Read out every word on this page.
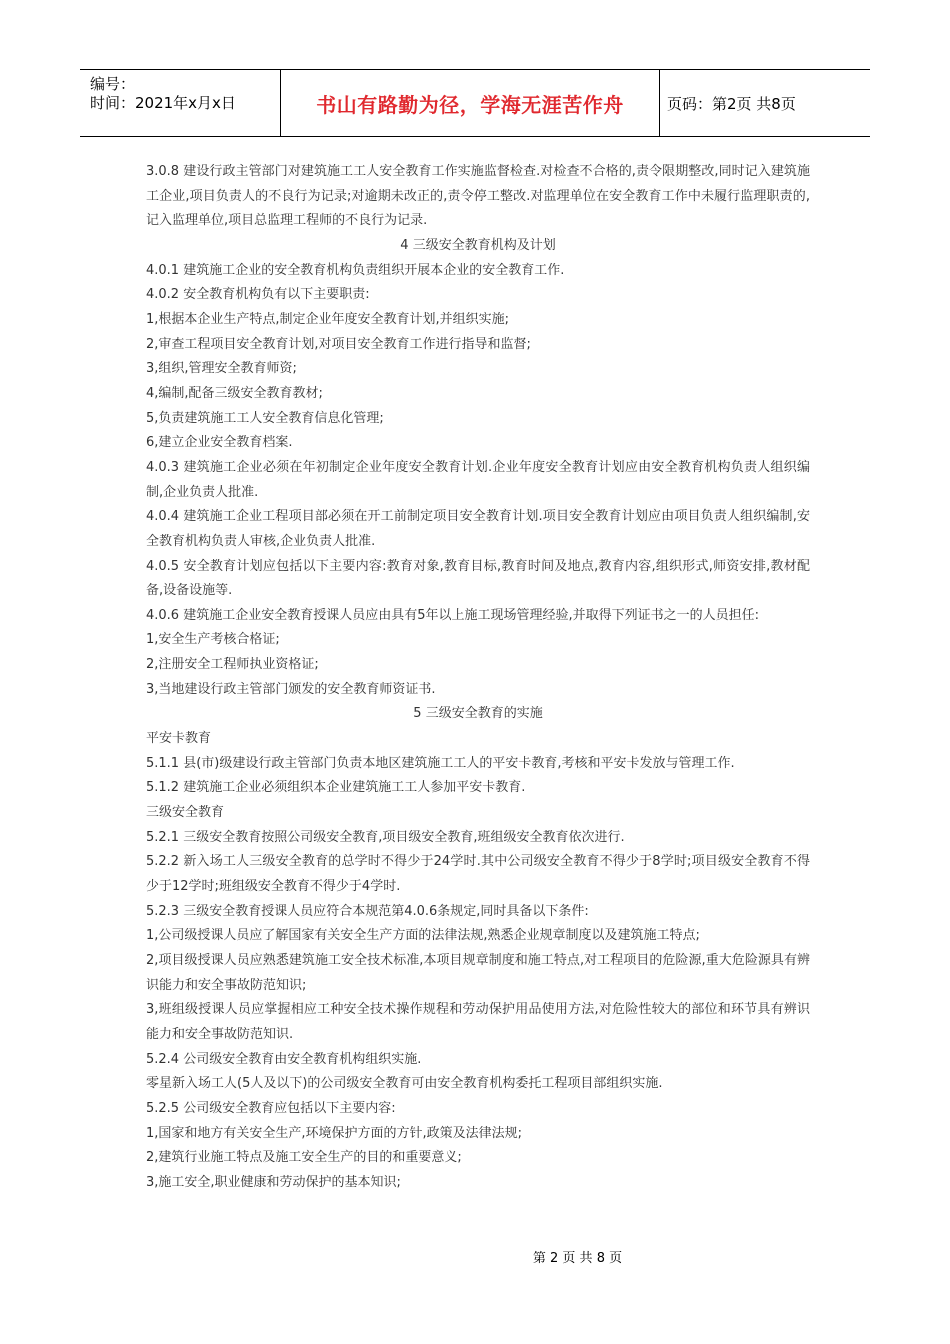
编号：
时间：2021年x月x日	书山有路勤为径，学海无涯苦作舟	页码：第2页 共8页

3.0.8 建设行政主管部门对建筑施工工人安全教育工作实施监督检查.对检查不合格的,责令限期整改,同时记入建筑施工企业,项目负责人的不良行为记录;对逾期未改正的,责令停工整改.对监理单位在安全教育工作中未履行监理职责的,记入监理单位,项目总监理工程师的不良行为记录.

4 三级安全教育机构及计划

4.0.1 建筑施工企业的安全教育机构负责组织开展本企业的安全教育工作.

4.0.2 安全教育机构负有以下主要职责:

1,根据本企业生产特点,制定企业年度安全教育计划,并组织实施;

2,审查工程项目安全教育计划,对项目安全教育工作进行指导和监督;

3,组织,管理安全教育师资;

4,编制,配备三级安全教育教材;

5,负责建筑施工工人安全教育信息化管理;

6,建立企业安全教育档案.

4.0.3 建筑施工企业必须在年初制定企业年度安全教育计划.企业年度安全教育计划应由安全教育机构负责人组织编制,企业负责人批准.

4.0.4 建筑施工企业工程项目部必须在开工前制定项目安全教育计划.项目安全教育计划应由项目负责人组织编制,安全教育机构负责人审核,企业负责人批准.

4.0.5 安全教育计划应包括以下主要内容:教育对象,教育目标,教育时间及地点,教育内容,组织形式,师资安排,教材配备,设备设施等.

4.0.6 建筑施工企业安全教育授课人员应由具有5年以上施工现场管理经验,并取得下列证书之一的人员担任:

1,安全生产考核合格证;

2,注册安全工程师执业资格证;

3,当地建设行政主管部门颁发的安全教育师资证书.

5 三级安全教育的实施

平安卡教育

5.1.1 县(市)级建设行政主管部门负责本地区建筑施工工人的平安卡教育,考核和平安卡发放与管理工作.

5.1.2 建筑施工企业必须组织本企业建筑施工工人参加平安卡教育.

三级安全教育

5.2.1 三级安全教育按照公司级安全教育,项目级安全教育,班组级安全教育依次进行.

5.2.2 新入场工人三级安全教育的总学时不得少于24学时.其中公司级安全教育不得少于8学时;项目级安全教育不得少于12学时;班组级安全教育不得少于4学时.

5.2.3 三级安全教育授课人员应符合本规范第4.0.6条规定,同时具备以下条件:

1,公司级授课人员应了解国家有关安全生产方面的法律法规,熟悉企业规章制度以及建筑施工特点;

2,项目级授课人员应熟悉建筑施工安全技术标准,本项目规章制度和施工特点,对工程项目的危险源,重大危险源具有辨识能力和安全事故防范知识;

3,班组级授课人员应掌握相应工种安全技术操作规程和劳动保护用品使用方法,对危险性较大的部位和环节具有辨识能力和安全事故防范知识.

5.2.4 公司级安全教育由安全教育机构组织实施.

零星新入场工人(5人及以下)的公司级安全教育可由安全教育机构委托工程项目部组织实施.

5.2.5 公司级安全教育应包括以下主要内容:

1,国家和地方有关安全生产,环境保护方面的方针,政策及法律法规;

2,建筑行业施工特点及施工安全生产的目的和重要意义;

3,施工安全,职业健康和劳动保护的基本知识;

第 2 页 共 8 页
